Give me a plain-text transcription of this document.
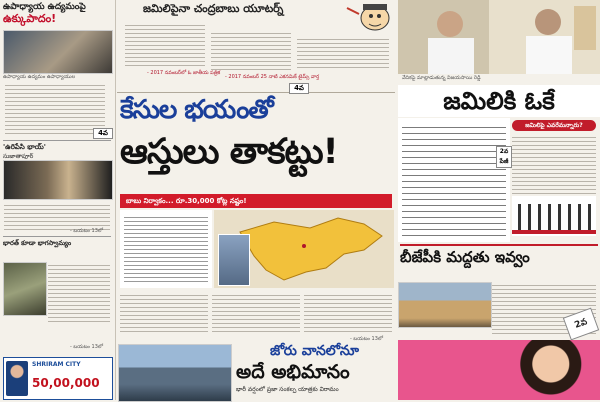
ఉపాధ్యాయ ఉద్యమంపై
ఉక్కుపాదం!
ఉపాధ్యాయ ఉద్యమం ఉపాధ్యాయుల
4వ
'ఉరిపేసి భాయ్'
సుజాతాపూర్
- బయటం 13లో
భారత్ కూడా భాగస్వామ్యం
- బయటం 13లో
SHRIRAM CITY
50,00,000
జమిలిపైనా చంద్రబాబు యూటర్న్
- 2017 నవంబర్‌లో ఓ జాతీయ పత్రిక
- 2017 నవంబర్ 25 నాటి ఎకనమిక్ టైమ్స్ వార్త
4వ
కేసుల భయంతో
ఆస్తులు తాకట్టు!
బాబు నిర్వాకం... రూ.30,000 కోట్ల నష్టం!
- బయటం 13లో
జోరు వానలోనూ
అదే అభిమానం
భారీ వర్షంలో ప్రజా సంకల్ప యాత్రకు విరామం
వేదికపై మాట్లాడుతున్న విజయసాయి రెడ్డి
జమిలికి ఓకే
జమిలిపై ఎవరేమన్నారు?
2వ పేజీ
బీజేపీకి మద్దతు ఇవ్వం
2వ
